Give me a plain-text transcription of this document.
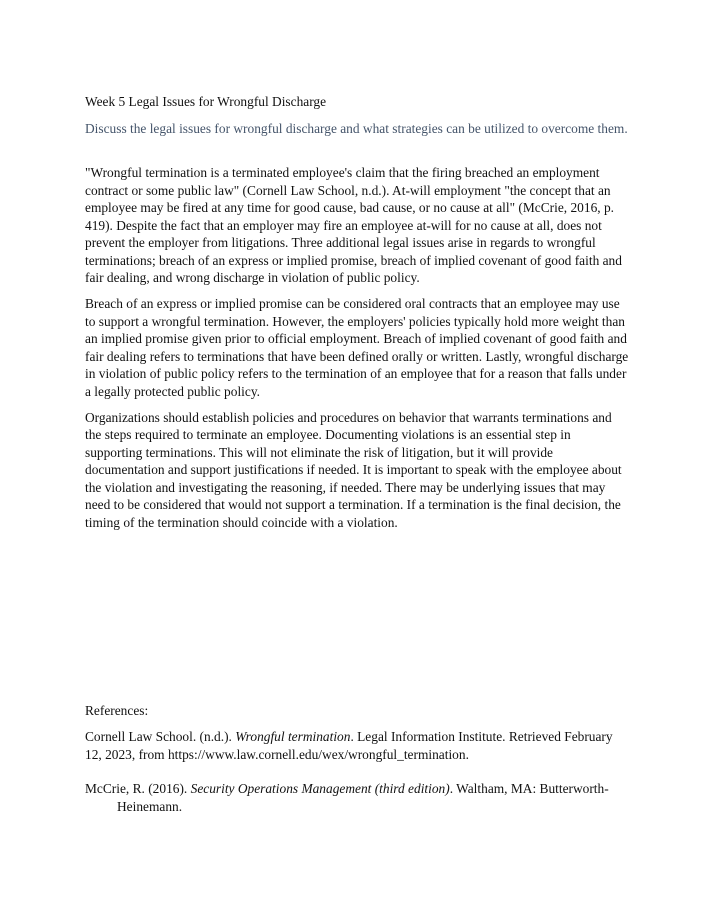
Week 5 Legal Issues for Wrongful Discharge
Discuss the legal issues for wrongful discharge and what strategies can be utilized to overcome them.

"Wrongful termination is a terminated employee's claim that the firing breached an employment contract or some public law" (Cornell Law School, n.d.). At-will employment "the concept that an employee may be fired at any time for good cause, bad cause, or no cause at all" (McCrie, 2016, p. 419). Despite the fact that an employer may fire an employee at-will for no cause at all, does not prevent the employer from litigations. Three additional legal issues arise in regards to wrongful terminations; breach of an express or implied promise, breach of implied covenant of good faith and fair dealing, and wrong discharge in violation of public policy.

Breach of an express or implied promise can be considered oral contracts that an employee may use to support a wrongful termination. However, the employers' policies typically hold more weight than an implied promise given prior to official employment. Breach of implied covenant of good faith and fair dealing refers to terminations that have been defined orally or written. Lastly, wrongful discharge in violation of public policy refers to the termination of an employee that for a reason that falls under a legally protected public policy.

Organizations should establish policies and procedures on behavior that warrants terminations and the steps required to terminate an employee. Documenting violations is an essential step in supporting terminations. This will not eliminate the risk of litigation, but it will provide documentation and support justifications if needed. It is important to speak with the employee about the violation and investigating the reasoning, if needed. There may be underlying issues that may need to be considered that would not support a termination. If a termination is the final decision, the timing of the termination should coincide with a violation.

References:
Cornell Law School. (n.d.). Wrongful termination. Legal Information Institute. Retrieved February 12, 2023, from https://www.law.cornell.edu/wex/wrongful_termination.
McCrie, R. (2016). Security Operations Management (third edition). Waltham, MA: Butterworth-Heinemann.
